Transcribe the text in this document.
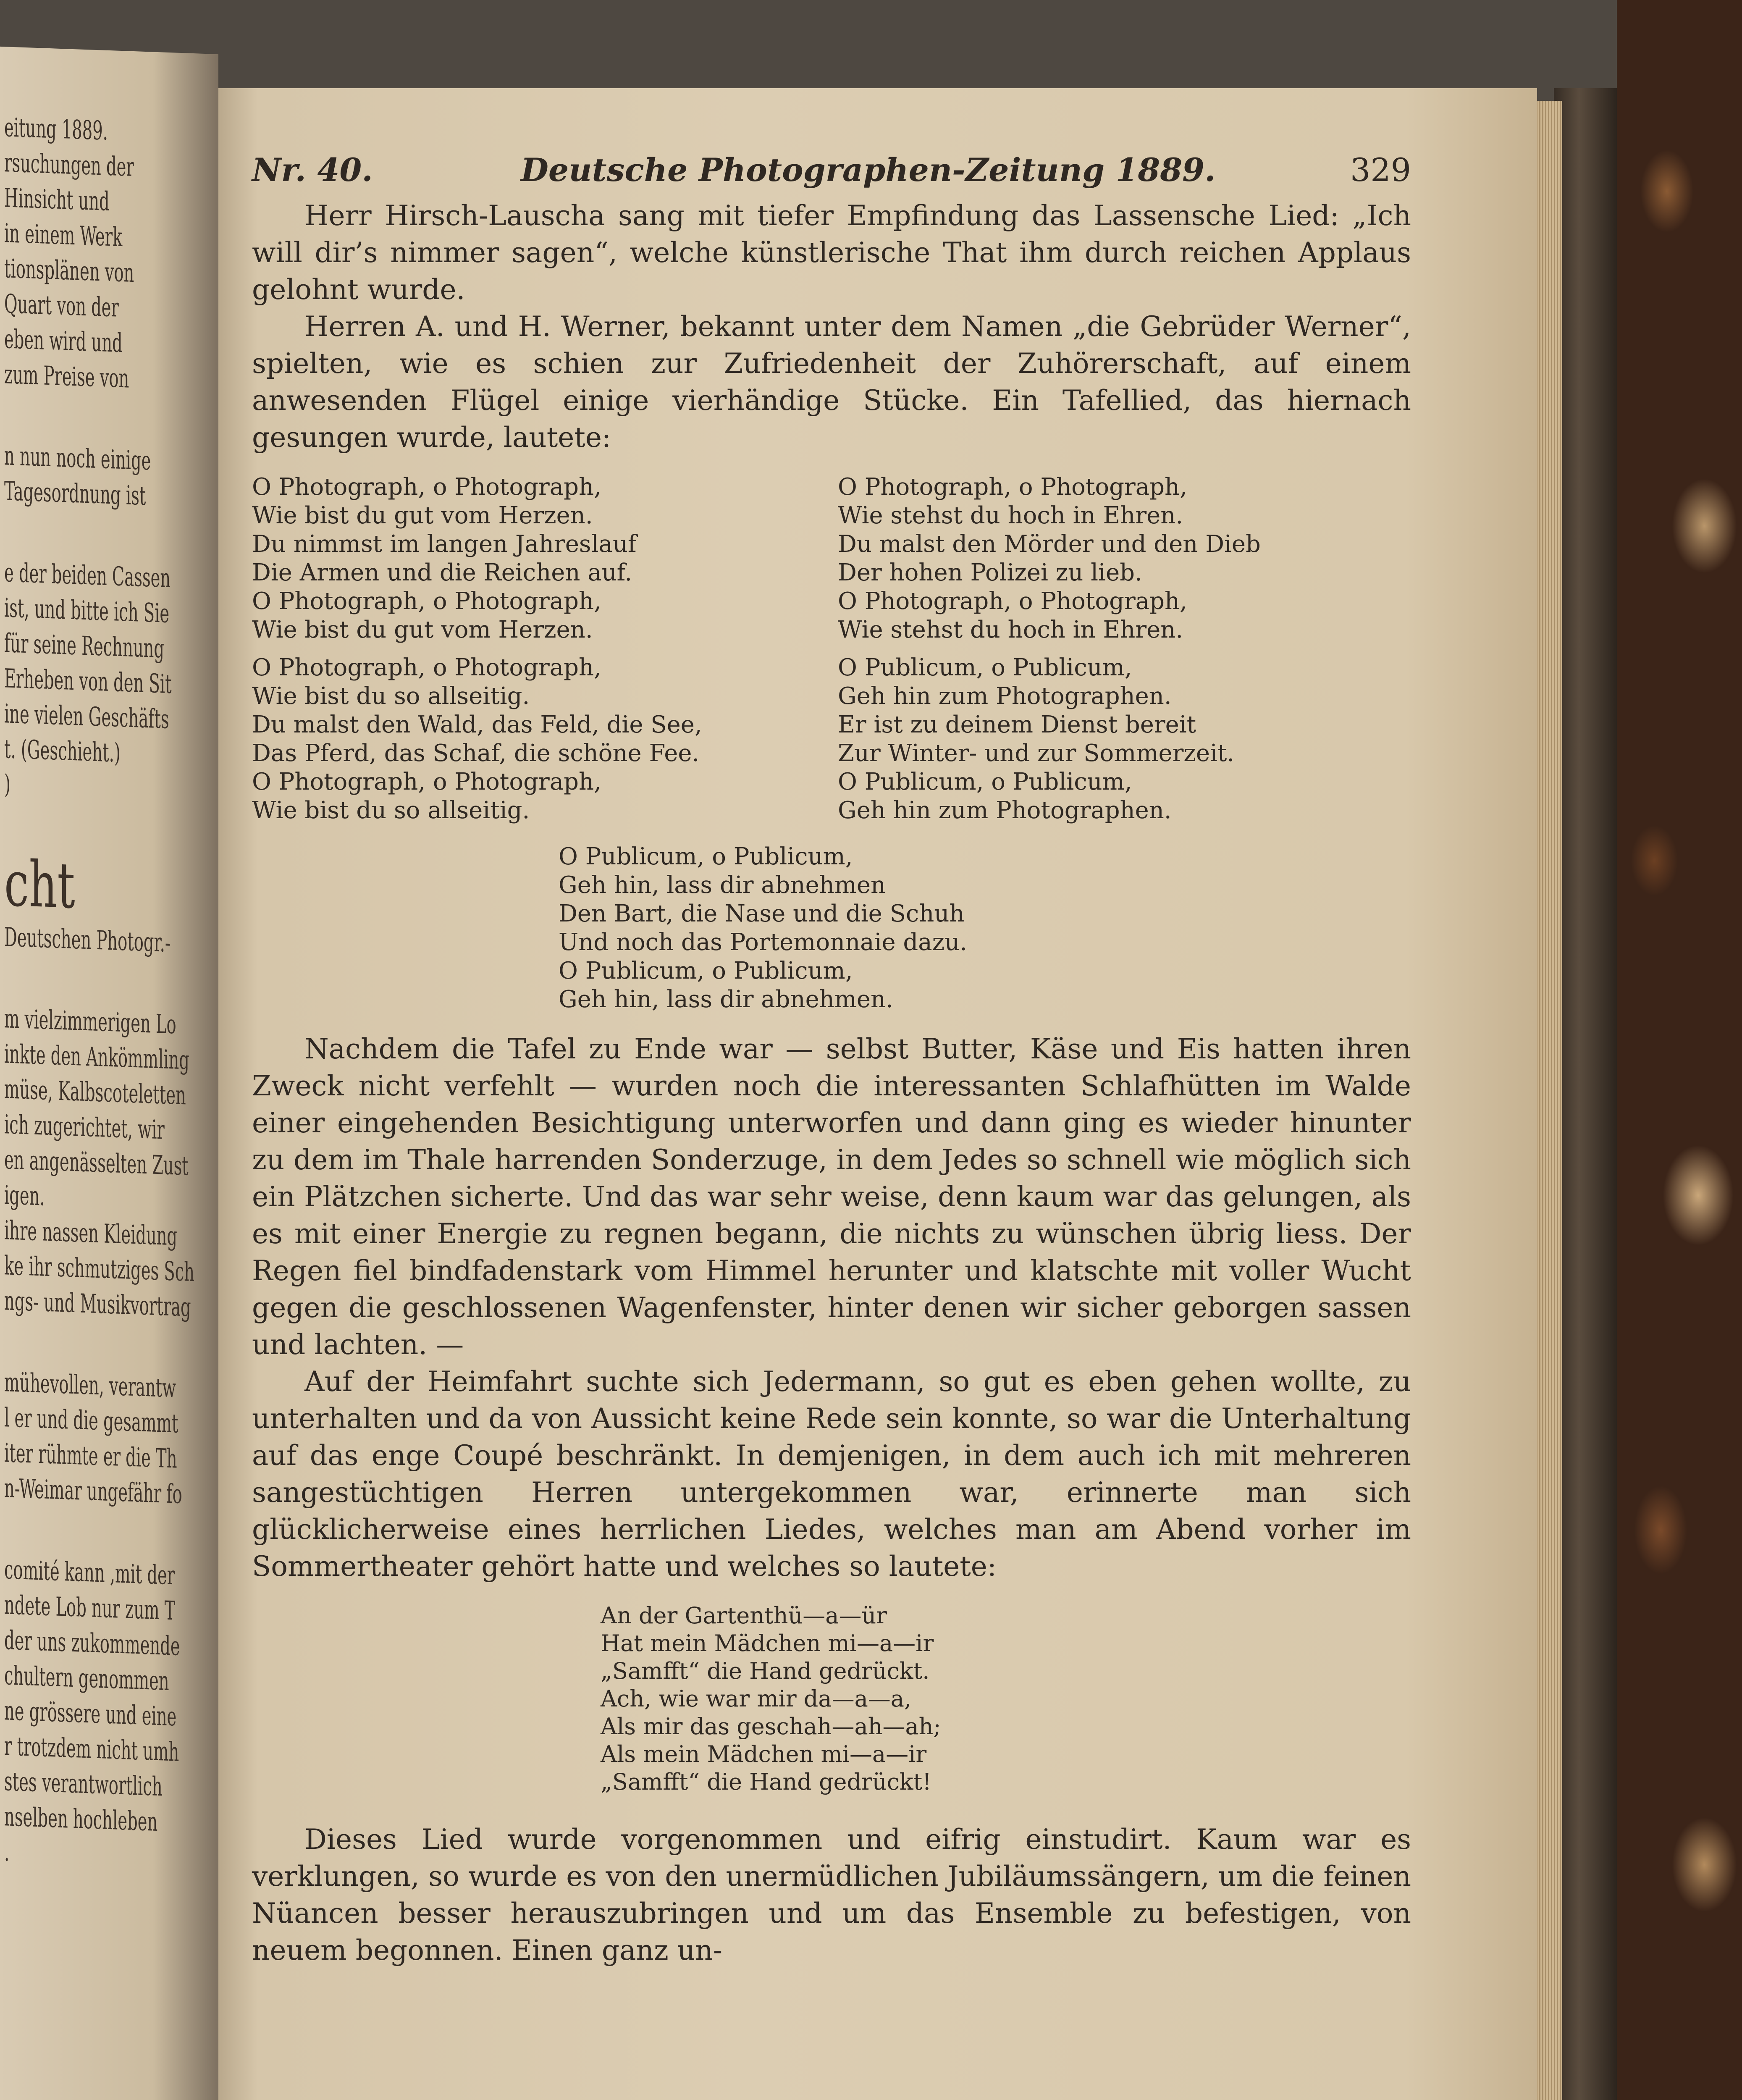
eitung 1889.
rsuchungen der
Hinsicht und
in einem Werk
tionsplänen von
Quart von der
eben wird und
zum Preise von
n nun noch einige
Tagesordnung ist
e der beiden Cassen
ist, und bitte ich Sie
für seine Rechnung
Erheben von den Sit
ine vielen Geschäfts
t. (Geschieht.)
)
cht
Deutschen Photogr.-
m vielzimmerigen Lo
inkte den Ankömmling
müse, Kalbscoteletten
ich zugerichtet, wir
en angenässelten Zust
igen.
ihre nassen Kleidung
ke ihr schmutziges Sch
ngs- und Musikvortrag
mühevollen, verantw
l er und die gesammt
iter rühmte er die Th
n-Weimar ungefähr fo
comité kann ,mit der
ndete Lob nur zum T
der uns zukommende
chultern genommen
ne grössere und eine
r trotzdem nicht umh
stes verantwortlich
nselben hochleben
.
Nr. 40.	Deutsche Photographen-Zeitung 1889.	329

Herr Hirsch-Lauscha sang mit tiefer Empfindung das Lassensche Lied: „Ich will dir’s nimmer sagen“, welche künstlerische That ihm durch reichen Applaus gelohnt wurde.

Herren A. und H. Werner, bekannt unter dem Namen „die Gebrüder Werner“, spielten, wie es schien zur Zufriedenheit der Zuhörerschaft, auf einem anwesenden Flügel einige vierhändige Stücke. Ein Tafellied, das hiernach gesungen wurde, lautete:

O Photograph, o Photograph,
Wie bist du gut vom Herzen.
Du nimmst im langen Jahreslauf
Die Armen und die Reichen auf.
O Photograph, o Photograph,
Wie bist du gut vom Herzen.
O Photograph, o Photograph,
Wie bist du so allseitig.
Du malst den Wald, das Feld, die See,
Das Pferd, das Schaf, die schöne Fee.
O Photograph, o Photograph,
Wie bist du so allseitig.
O Photograph, o Photograph,
Wie stehst du hoch in Ehren.
Du malst den Mörder und den Dieb
Der hohen Polizei zu lieb.
O Photograph, o Photograph,
Wie stehst du hoch in Ehren.
O Publicum, o Publicum,
Geh hin zum Photographen.
Er ist zu deinem Dienst bereit
Zur Winter- und zur Sommerzeit.
O Publicum, o Publicum,
Geh hin zum Photographen.
O Publicum, o Publicum,
Geh hin, lass dir abnehmen
Den Bart, die Nase und die Schuh
Und noch das Portemonnaie dazu.
O Publicum, o Publicum,
Geh hin, lass dir abnehmen.

Nachdem die Tafel zu Ende war — selbst Butter, Käse und Eis hatten ihren Zweck nicht verfehlt — wurden noch die interessanten Schlafhütten im Walde einer eingehenden Besichtigung unterworfen und dann ging es wieder hinunter zu dem im Thale harrenden Sonderzuge, in dem Jedes so schnell wie möglich sich ein Plätzchen sicherte. Und das war sehr weise, denn kaum war das gelungen, als es mit einer Energie zu regnen begann, die nichts zu wünschen übrig liess. Der Regen fiel bindfadenstark vom Himmel herunter und klatschte mit voller Wucht gegen die geschlossenen Wagenfenster, hinter denen wir sicher geborgen sassen und lachten. —

Auf der Heimfahrt suchte sich Jedermann, so gut es eben gehen wollte, zu unterhalten und da von Aussicht keine Rede sein konnte, so war die Unterhaltung auf das enge Coupé beschränkt. In demjenigen, in dem auch ich mit mehreren sangestüchtigen Herren untergekommen war, erinnerte man sich glücklicherweise eines herrlichen Liedes, welches man am Abend vorher im Sommertheater gehört hatte und welches so lautete:

An der Gartenthü—a—ür
Hat mein Mädchen mi—a—ir
„Samfft“ die Hand gedrückt.
Ach, wie war mir da—a—a,
Als mir das geschah—ah—ah;
Als mein Mädchen mi—a—ir
„Samfft“ die Hand gedrückt!

Dieses Lied wurde vorgenommen und eifrig einstudirt. Kaum war es verklungen, so wurde es von den unermüdlichen Jubiläumssängern, um die feinen Nüancen besser herauszubringen und um das Ensemble zu befestigen, von neuem begonnen. Einen ganz un-
